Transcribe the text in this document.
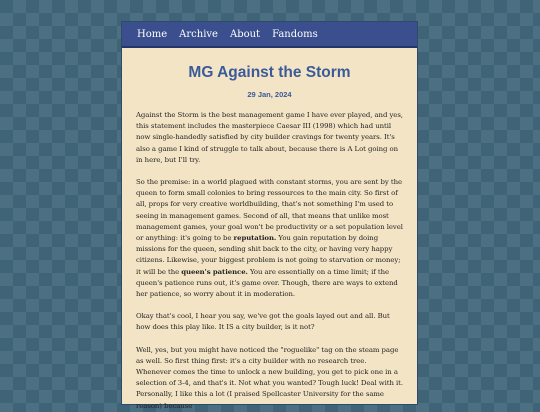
Home Archive About Fandoms
MG Against the Storm
29 Jan, 2024

Against the Storm is the best management game I have ever played, and yes, this statement includes the masterpiece Caesar III (1998) which had until now single-handedly satisfied by city builder cravings for twenty years. It's also a game I kind of struggle to talk about, because there is A Lot going on in here, but I'll try.

So the premise: in a world plagued with constant storms, you are sent by the queen to form small colonies to bring ressources to the main city. So first of all, props for very creative worldbuilding, that's not something I'm used to seeing in management games. Second of all, that means that unlike most management games, your goal won't be productivity or a set population level or anything: it's going to be reputation. You gain reputation by doing missions for the queen, sending shit back to the city, or having very happy citizens. Likewise, your biggest problem is not going to starvation or money; it will be the queen's patience. You are essentially on a time limit; if the queen's patience runs out, it's game over. Though, there are ways to extend her patience, so worry about it in moderation.

Okay that's cool, I hear you say, we've got the goals layed out and all. But how does this play like. It IS a city builder, is it not?

Well, yes, but you might have noticed the "roguelike" tag on the steam page as well. So first thing first: it's a city builder with no research tree. Whenever comes the time to unlock a new building, you get to pick one in a selection of 3-4, and that's it. Not what you wanted? Tough luck! Deal with it. Personally, I like this a lot (I praised Spellcaster University for the same reason) because
